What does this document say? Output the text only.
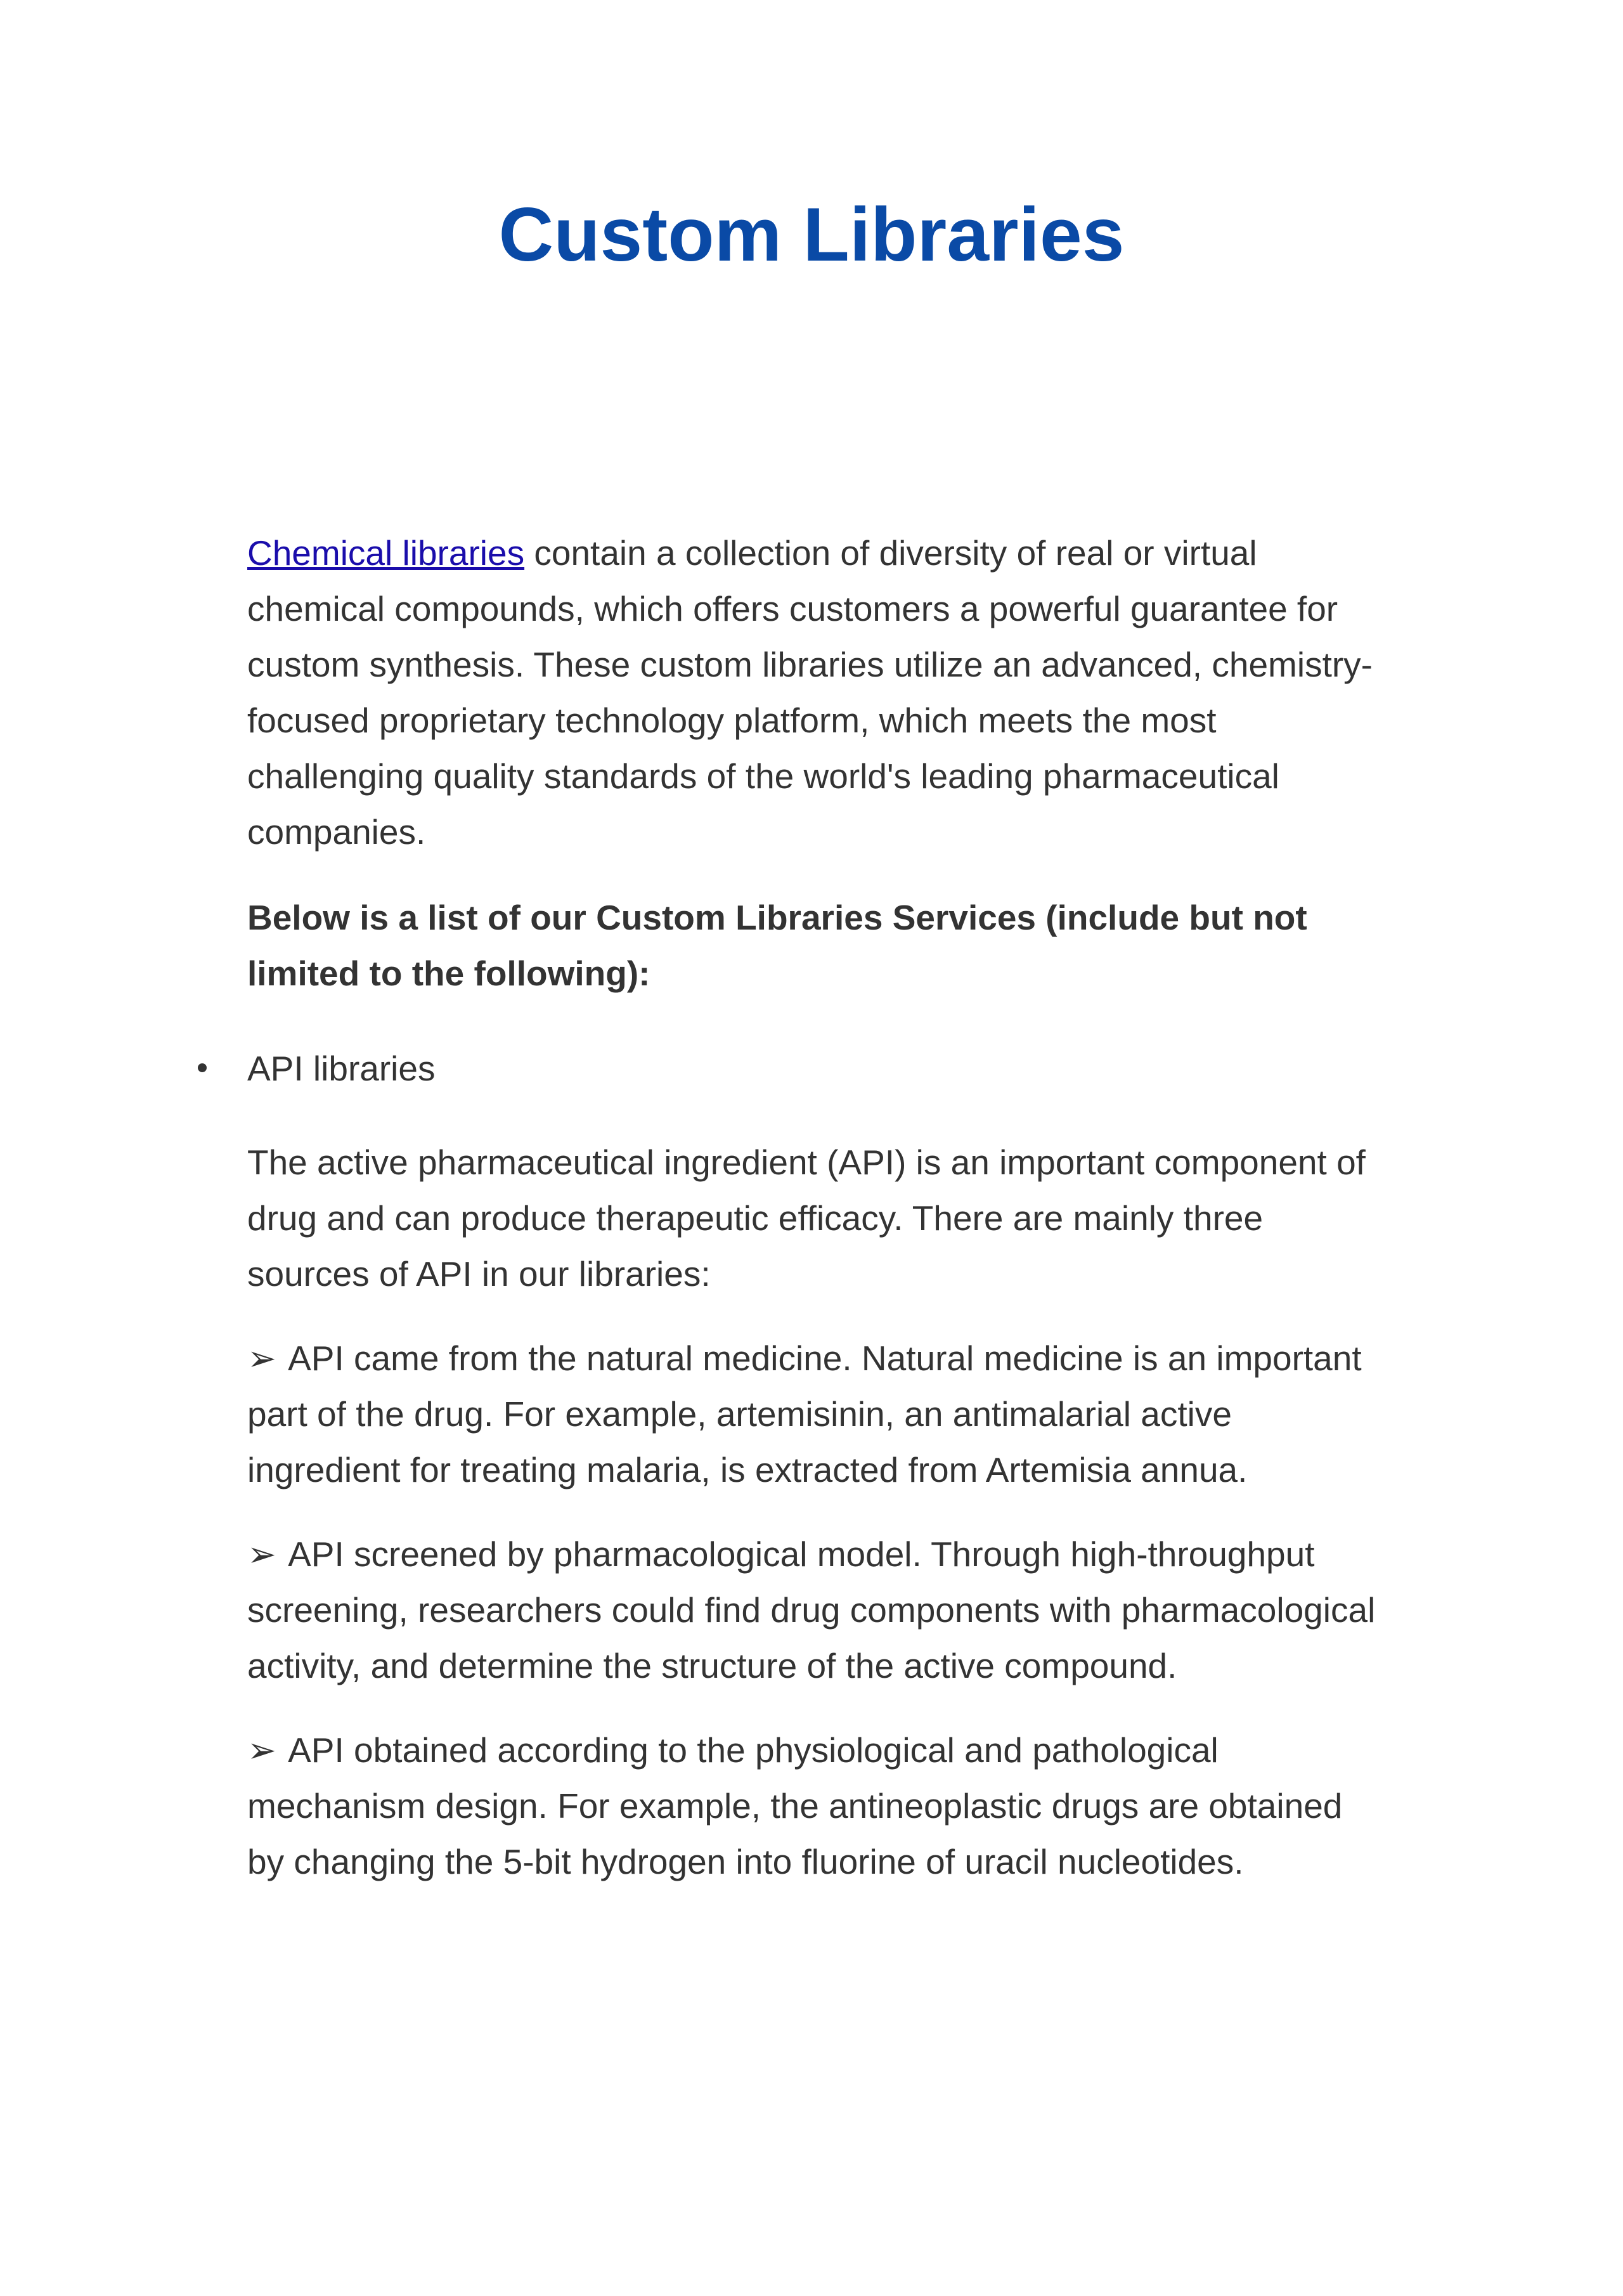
Custom Libraries

Chemical libraries contain a collection of diversity of real or virtual chemical compounds, which offers customers a powerful guarantee for custom synthesis. These custom libraries utilize an advanced, chemistry-focused proprietary technology platform, which meets the most challenging quality standards of the world's leading pharmaceutical companies.

Below is a list of our Custom Libraries Services (include but not limited to the following):

API libraries

The active pharmaceutical ingredient (API) is an important component of drug and can produce therapeutic efficacy. There are mainly three sources of API in our libraries:

➢ API came from the natural medicine. Natural medicine is an important part of the drug. For example, artemisinin, an antimalarial active ingredient for treating malaria, is extracted from Artemisia annua.

➢ API screened by pharmacological model. Through high-throughput screening, researchers could find drug components with pharmacological activity, and determine the structure of the active compound.

➢ API obtained according to the physiological and pathological mechanism design. For example, the antineoplastic drugs are obtained by changing the 5-bit hydrogen into fluorine of uracil nucleotides.
